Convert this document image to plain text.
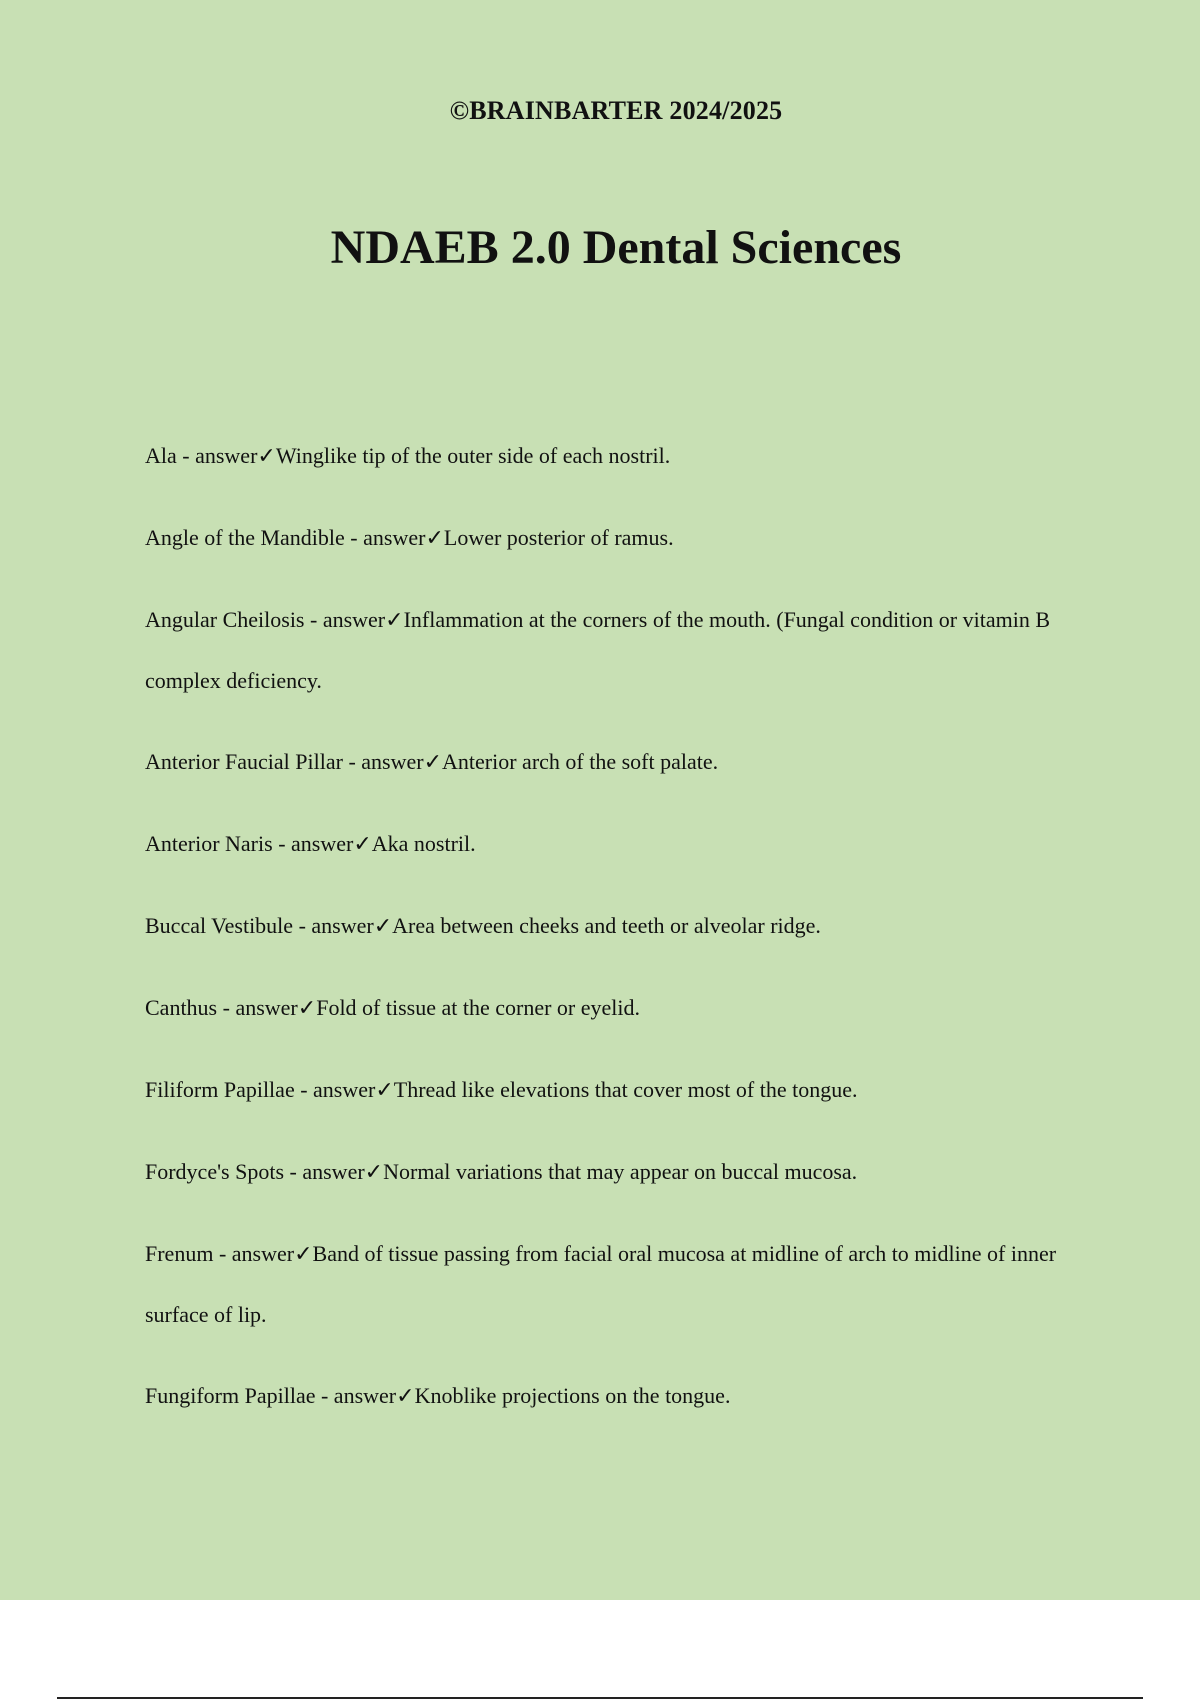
©BRAINBARTER 2024/2025
NDAEB 2.0 Dental Sciences
Ala - answer✓Winglike tip of the outer side of each nostril.
Angle of the Mandible - answer✓Lower posterior of ramus.
Angular Cheilosis - answer✓Inflammation at the corners of the mouth. (Fungal condition or vitamin B complex deficiency.
Anterior Faucial Pillar - answer✓Anterior arch of the soft palate.
Anterior Naris - answer✓Aka nostril.
Buccal Vestibule - answer✓Area between cheeks and teeth or alveolar ridge.
Canthus - answer✓Fold of tissue at the corner or eyelid.
Filiform Papillae - answer✓Thread like elevations that cover most of the tongue.
Fordyce's Spots - answer✓Normal variations that may appear on buccal mucosa.
Frenum - answer✓Band of tissue passing from facial oral mucosa at midline of arch to midline of inner surface of lip.
Fungiform Papillae - answer✓Knoblike projections on the tongue.
